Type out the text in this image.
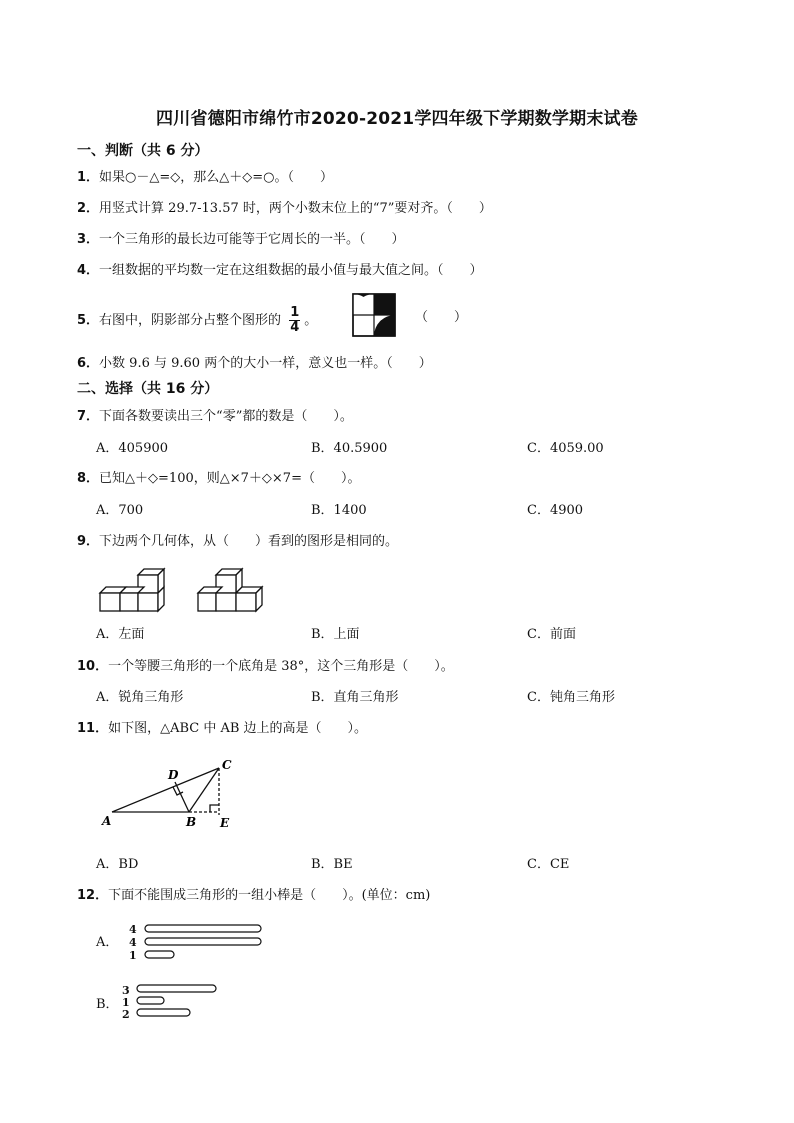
四川省德阳市绵竹市2020-2021学四年级下学期数学期末试卷
一、判断（共 6 分）
1．如果○－△=◇，那么△＋◇=○。（　　）
2．用竖式计算 29.7-13.57 时，两个小数末位上的“7”要对齐。（　　）
3．一个三角形的最长边可能等于它周长的一半。（　　）
4．一组数据的平均数一定在这组数据的最小值与最大值之间。（　　）
5．右图中，阴影部分占整个图形的 $\frac{1}{4}$ 。	（　　）
6．小数 9.6 与 9.60 两个的大小一样，意义也一样。（　　）
二、选择（共 16 分）
7．下面各数要读出三个“零”都的数是（　　）。
A．405900	B．40.5900	C．4059.00
8．已知△＋◇=100，则△×7＋◇×7=（　　）。
A．700	B．1400	C．4900
9．下边两个几何体，从（　　）看到的图形是相同的。
A．左面	B．上面	C．前面
10．一个等腰三角形的一个底角是 38°，这个三角形是（　　）。
A．锐角三角形	B．直角三角形	C．钝角三角形
11．如下图，△ABC 中 AB 边上的高是（　　）。
A	B
C
D
E
A．BD	B．BE	C．CE
12．下面不能围成三角形的一组小棒是（　　）。(单位：cm)
A．
4
4
1
B．
3
1
2
